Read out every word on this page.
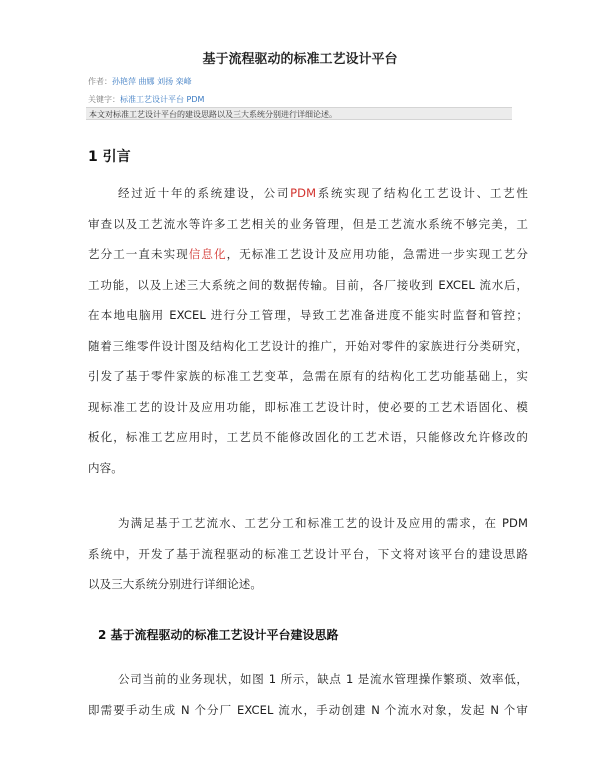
基于流程驱动的标准工艺设计平台
作者：孙艳萍 曲娜 刘扬 栾峰
关键字：标准工艺设计平台 PDM
本文对标准工艺设计平台的建设思路以及三大系统分别进行详细论述。
1 引言
经过近十年的系统建设，公司PDM系统实现了结构化工艺设计、工艺性
审查以及工艺流水等许多工艺相关的业务管理，但是工艺流水系统不够完美，工
艺分工一直未实现信息化，无标准工艺设计及应用功能，急需进一步实现工艺分
工功能，以及上述三大系统之间的数据传输。目前，各厂接收到 EXCEL 流水后，
在本地电脑用 EXCEL 进行分工管理，导致工艺准备进度不能实时监督和管控；
随着三维零件设计图及结构化工艺设计的推广，开始对零件的家族进行分类研究，
引发了基于零件家族的标准工艺变革，急需在原有的结构化工艺功能基础上，实
现标准工艺的设计及应用功能，即标准工艺设计时，使必要的工艺术语固化、模
板化，标准工艺应用时，工艺员不能修改固化的工艺术语，只能修改允许修改的
内容。
为满足基于工艺流水、工艺分工和标准工艺的设计及应用的需求，在 PDM
系统中，开发了基于流程驱动的标准工艺设计平台，下文将对该平台的建设思路
以及三大系统分别进行详细论述。
2 基于流程驱动的标准工艺设计平台建设思路
公司当前的业务现状，如图 1 所示，缺点 1 是流水管理操作繁琐、效率低，
即需要手动生成 N 个分厂 EXCEL 流水，手动创建 N 个流水对象，发起 N 个审
